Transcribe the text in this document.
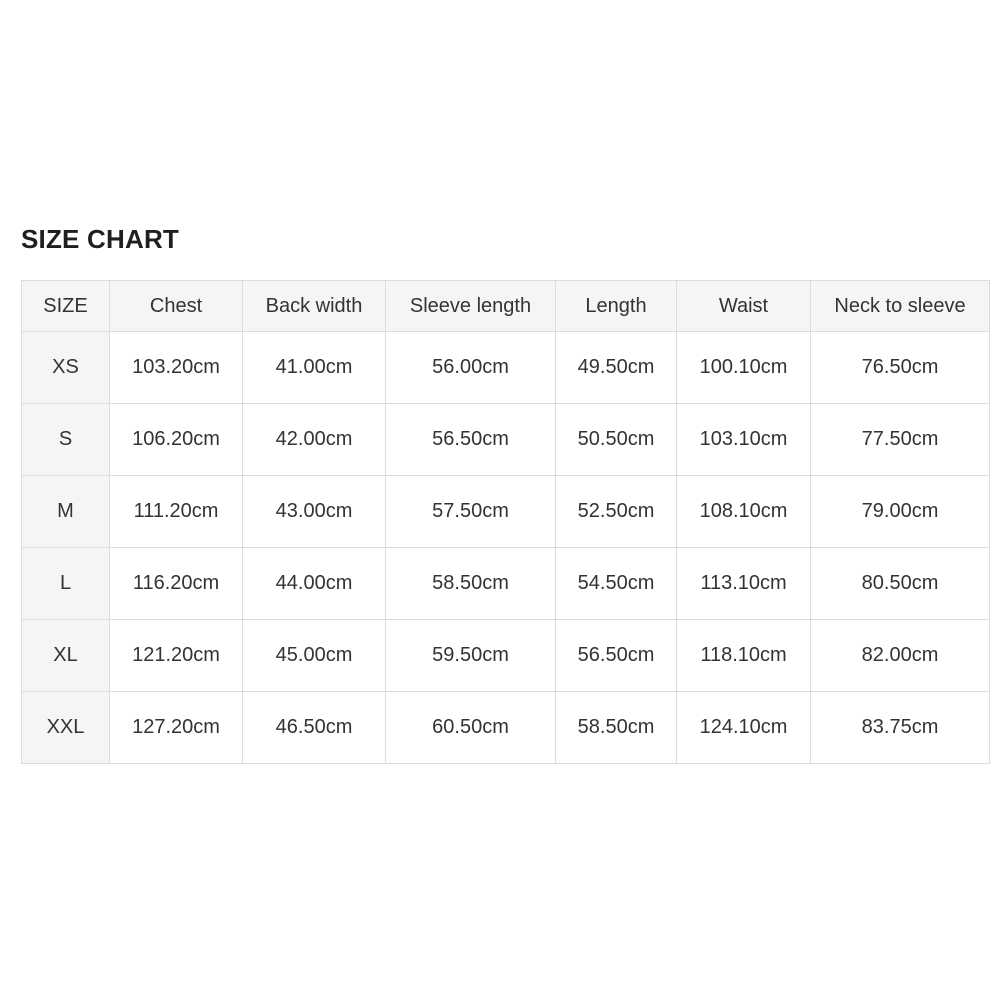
SIZE CHART
SIZE	Chest	Back width	Sleeve length	Length	Waist	Neck to sleeve
XS	103.20cm	41.00cm	56.00cm	49.50cm	100.10cm	76.50cm
S	106.20cm	42.00cm	56.50cm	50.50cm	103.10cm	77.50cm
M	111.20cm	43.00cm	57.50cm	52.50cm	108.10cm	79.00cm
L	116.20cm	44.00cm	58.50cm	54.50cm	113.10cm	80.50cm
XL	121.20cm	45.00cm	59.50cm	56.50cm	118.10cm	82.00cm
XXL	127.20cm	46.50cm	60.50cm	58.50cm	124.10cm	83.75cm
